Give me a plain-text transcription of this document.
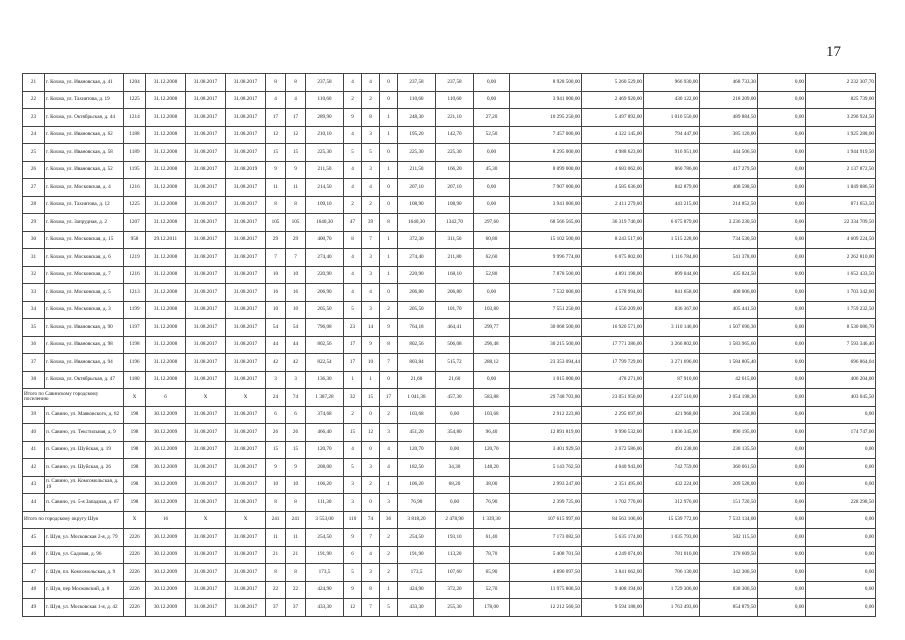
17
21	г. Кохма, ул. Ивановская, д. 41	1204	31.12.2008	31.08.2017	31.08.2017	8	8	237,58	4	4	0	237,58	237,58	0,00	8 928 500,00	5 260 529,00	966 930,00	468 733,30	0,00	2 232 307,70
22	г. Кохма, ул. Тахиятова, д. 19	1225	31.12.2008	31.08.2017	31.08.2017	4	4	110,60	2	2	0	110,60	110,60	0,00	3 941 000,00	2 469 920,00	430 122,00	218 209,00	0,00	825 739,00
23	г. Кохма, ул. Октябрьская, д. 44	1214	31.12.2008	31.08.2017	31.08.2017	17	17	289,90	9	8	1	248,30	221,10	27,20	10 295 250,00	5 497 892,00	1 010 550,00	489 884,50	0,00	3 296 924,50
24	г. Кохма, ул. Ивановская, д. 62	1188	31.12.2008	31.08.2017	31.08.2017	12	12	210,10	4	3	1	195,20	142,70	52,50	7 457 000,00	4 322 145,00	794 447,00	385 120,00	0,00	1 925 288,00
25	г. Кохма, ул. Ивановская, д. 58	1189	31.12.2008	31.08.2017	31.08.2017	15	15	225,30	5	5	0	225,30	225,30	0,00	8 295 000,00	4 988 623,00	916 951,00	444 506,50	0,00	1 944 919,50
26	г. Кохма, ул. Ивановская, д. 52	1195	31.12.2008	31.08.2017	31.08.2019	9	9	211,50	4	3	1	211,50	166,20	45,30	8 099 000,00	4 683 062,00	860 786,00	417 279,50	0,00	2 137 872,50
27	г. Кохма, ул. Московская, д. 4	1216	31.12.2008	31.08.2017	31.08.2017	11	11	214,50	4	4	0	207,10	207,10	0,00	7 907 000,00	4 585 636,00	842 879,00	408 598,50	0,00	1 849 886,50
28	г. Кохма, ул. Тахиятова, д. 12	1225	31.12.2008	31.08.2017	31.08.2017	8	8	109,10	2	2	0	108,90	108,90	0,00	3 941 000,00	2 411 279,00	443 215,00	214 852,50	0,00	871 653,50
29	г. Кохма, ул. Запрудная, д. 2	1207	31.12.2008	31.08.2017	31.08.2017	105	105	1640,30	47	39	8	1640,30	1342,70	297,60	68 566 565,00	36 319 746,00	6 675 879,00	3 236 230,50	0,00	22 334 709,50
30	г. Кохма, ул. Московская, д. 15	958	29.12.2011	31.08.2017	31.08.2017	29	29	400,70	8	7	1	372,30	311,50	60,80	15 102 500,00	8 243 517,00	1 515 228,00	734 530,50	0,00	4 609 224,50
31	г. Кохма, ул. Московская, д. 6	1219	31.12.2008	31.08.2017	31.08.2017	7	7	274,40	4	3	1	274,40	211,80	62,60	9 996 774,00	6 075 802,00	1 116 784,00	541 378,00	0,00	2 262 810,00
32	г. Кохма, ул. Московская, д. 7	1216	31.12.2008	31.08.2017	31.08.2017	10	10	220,90	4	3	1	220,90	168,10	52,80	7 878 500,00	4 891 198,00	899 044,00	435 824,50	0,00	1 652 433,50
33	г. Кохма, ул. Московская, д. 5	1213	31.12.2008	31.08.2017	31.08.2017	16	16	206,90	4	4	0	206,80	206,80	0,00	7 532 000,00	4 578 994,00	841 658,00	408 006,00	0,00	1 703 342,00
34	г. Кохма, ул. Московская, д. 3	1199	31.12.2008	31.08.2017	31.08.2017	10	10	205,50	5	3	2	205,50	101,70	103,80	7 551 250,00	4 550 209,00	836 367,00	405 441,50	0,00	1 759 232,50
35	г. Кохма, ул. Ивановская, д. 90	1197	31.12.2008	31.08.2017	31.08.2017	54	54	796,08	23	14	9	764,18	464,41	299,77	30 068 500,00	16 920 571,00	3 110 146,00	1 507 696,30	0,00	8 530 086,70
36	г. Кохма, ул. Ивановская, д. 98	1198	31.12.2008	31.08.2017	31.08.2017	44	44	802,56	17	9	8	802,56	506,08	296,48	30 215 500,00	17 771 386,00	3 266 802,00	1 583 965,60	0,00	7 593 346,40
37	г. Кохма, ул. Ивановская, д. 94	1196	31.12.2008	31.08.2017	31.08.2017	42	42	822,54	17	10	7	803,84	515,72	288,12	23 353 094,44	17 799 729,00	3 271 696,00	1 584 805,40	0,00	696 864,04
38	г. Кохма, ул. Октябрьская, д. 47	1180	31.12.2008	31.08.2017	31.08.2017	3	3	136,30	1	1	0	21,60	21,60	0,00	1 015 000,00	478 271,00	87 910,00	42 615,00	0,00	406 204,00
Итого по Савинскому городскому поселению		X	6	X	X	24	74	1 387,28	32	15	17	1 041,38	457,30	583,88	29 748 703,80	23 051 950,00	4 237 510,00	2 054 198,30	0,00	403 045,50
39	п. Савино, ул. Маяковского, д. 82	198	30.12.2009	31.08.2017	31.08.2017	6	6	374,68	2	0	2	103,68	0,00	103,68	2 912 223,80	2 295 697,00	421 968,00	204 558,80	0,00	0,00
40	п. Савино, ул. Текстильная, д. 9	198	30.12.2009	31.08.2017	31.08.2017	26	26	466,40	15	12	3	451,20	354,80	96,40	12 891 819,00	9 990 532,00	1 836 345,00	890 195,00	0,00	174 747,00
41	п. Савино, ул. Шуйская, д. 19	198	30.12.2009	31.08.2017	31.08.2017	15	15	120,70	4	0	4	120,70	0,00	120,70	3 401 929,50	2 672 586,00	491 238,00	238 135,50	0,00	0,00
42	п. Савино, ул. Шуйская, д. 26	198	30.12.2009	31.08.2017	31.08.2017	9	9	208,00	5	3	4	182,50	34,30	148,20	5 143 762,50	4 040 943,00	742 759,00	360 061,50	0,00	0,00
43	п. Савино, ул. Комсомольская, д. 19	198	30.12.2009	31.08.2017	31.08.2017	10	10	106,20	3	2	1	106,20	68,20	38,00	2 993 247,00	2 351 495,00	432 224,00	209 528,00	0,00	0,00
44	п. Савино, ул. 5-я Западная, д. 67	198	30.12.2009	31.08.2017	31.08.2017	8	8	111,30	3	0	3	76,90	0,00	76,90	2 399 725,00	1 702 770,00	312 976,00	151 720,50	0,00	228 298,50
Итого по городскому округу Шуя		X	16	X	X	241	241	3 553,00	110	74	36	3 818,20	2 478,90	1 339,30	107 615 997,60	84 563 106,00	15 539 772,00	7 533 134,00	0,00	0,00
45	г. Шуя, ул. Московская 2-я, д. 79	2226	30.12.2009	31.08.2017	31.08.2017	11	11	254,50	9	7	2	254,50	193,10	61,40	7 173 082,50	5 635 174,00	1 035 793,00	502 115,50	0,00	0,00
46	г. Шуя, ул. Садовая, д. 96	2226	30.12.2009	31.08.2017	31.08.2017	21	21	191,90	6	4	2	191,90	113,20	78,70	5 408 701,50	4 249 074,00	781 016,00	378 609,50	0,00	0,00
47	г. Шуя, пл. Комсомольская, д. 9	2226	30.12.2009	31.08.2017	31.08.2017	8	8	173,5	5	3	2	173,5	107,60	65,90	4 890 097,50	3 841 662,00	706 130,00	342 306,50	0,00	0,00
48	г. Шуя, пер Московский, д. 8	2226	30.12.2009	31.08.2017	31.08.2017	22	22	424,90	9	8	1	424,90	372,20	52,70	11 975 806,50	9 408 194,00	1 729 306,00	838 306,50	0,00	0,00
49	г. Шуя, ул. Московская 1-я, д. 42	2226	30.12.2009	31.08.2017	31.08.2017	37	37	433,30	12	7	5	433,30	255,30	178,00	12 212 560,50	9 594 188,00	1 763 493,00	854 879,50	0,00	0,00
